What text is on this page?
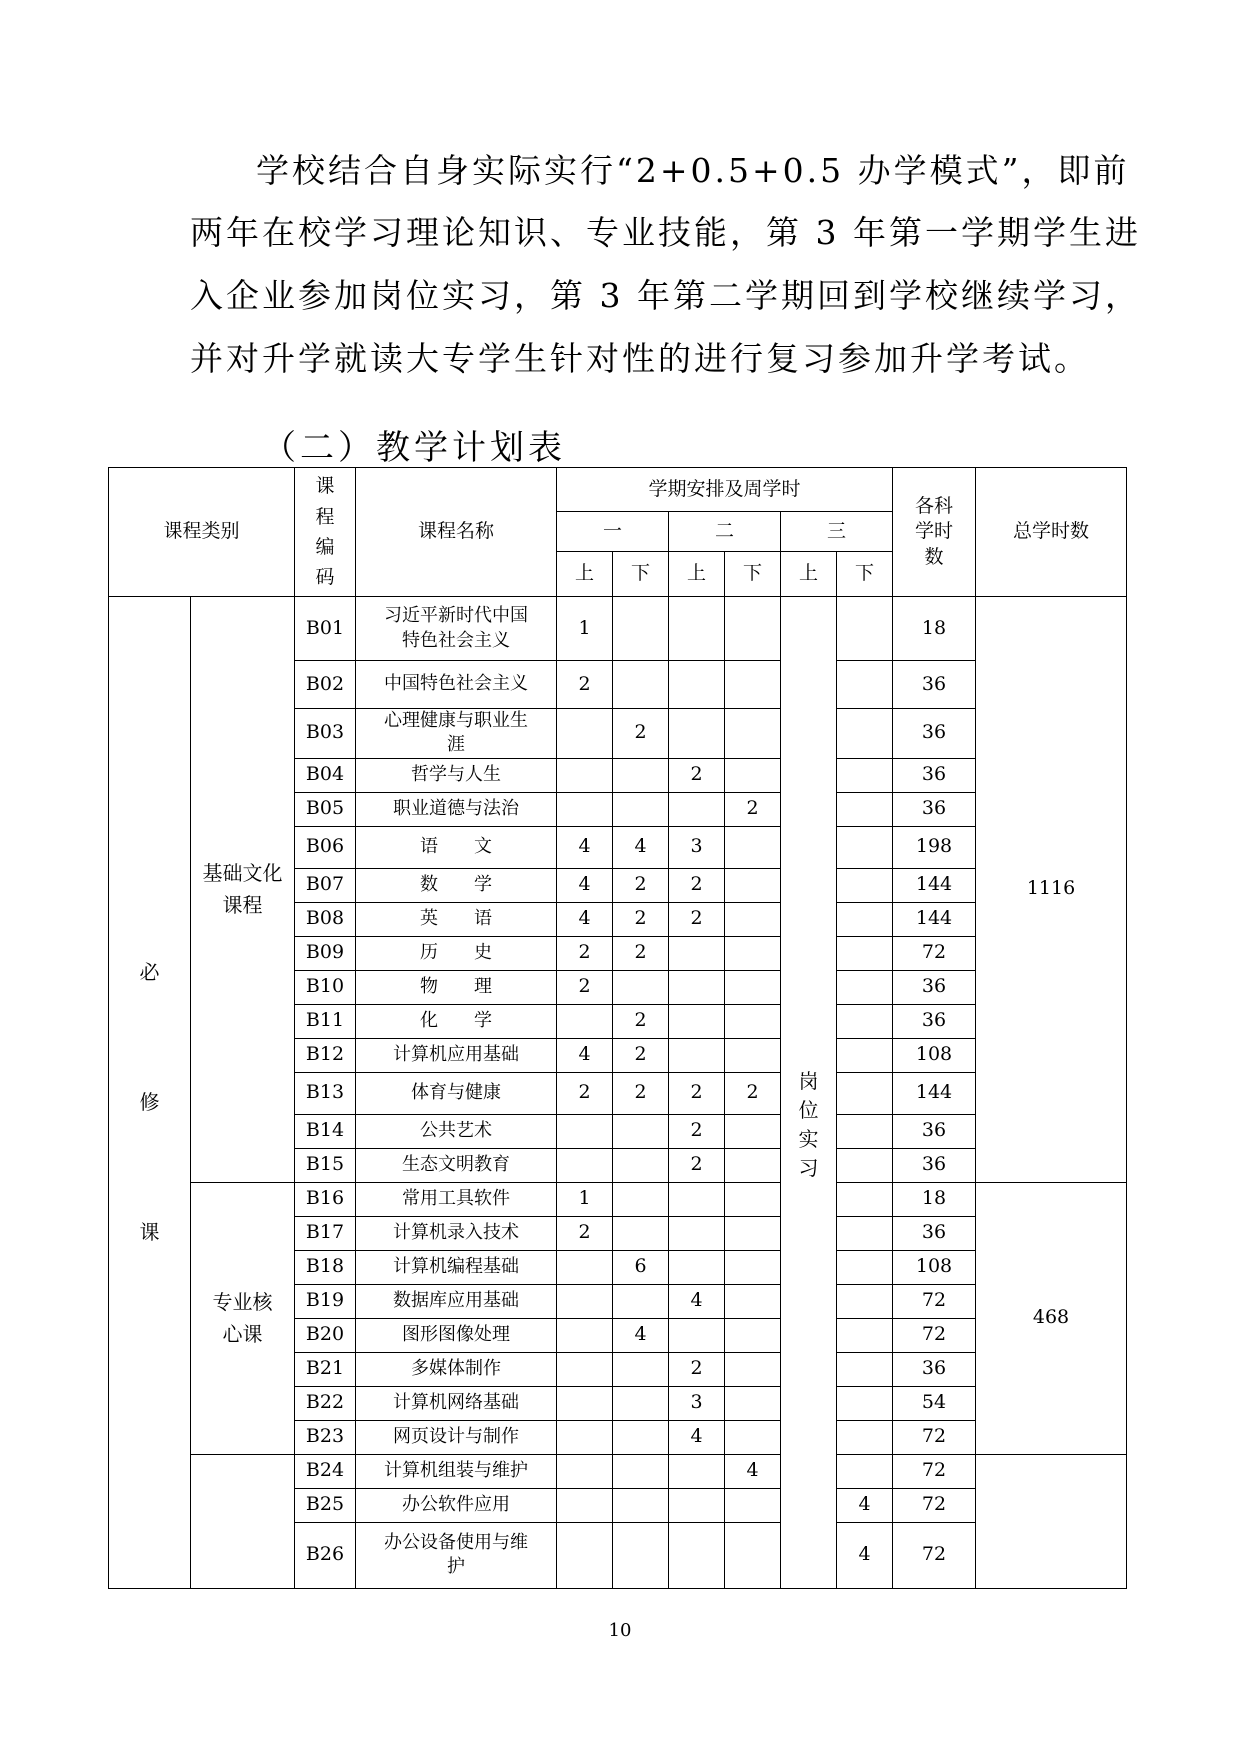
学校结合自身实际实行“2+0.5+0.5 办学模式”，即前
两年在校学习理论知识、专业技能，第 3 年第一学期学生进
入企业参加岗位实习，第 3 年第二学期回到学校继续学习，
并对升学就读大专学生针对性的进行复习参加升学考试。
（二）教学计划表
课程类别		课程编码	课程名称	学期安排及周学时						各科学时数	总学时数
				一		二		三			
				上	下	上	下	上	下		

必修课	基础文化课程	B01	习近平新时代中国特色社会主义	1				岗位实习		18	1116
		B02	中国特色社会主义	2						36	
		B03	心理健康与职业生涯		2					36	
		B04	哲学与人生			2				36	
		B05	职业道德与法治				2			36	
		B06	语　　文	4	4	3				198	
		B07	数　　学	4	2	2				144	
		B08	英　　语	4	2	2				144	
		B09	历　　史	2	2					72	
		B10	物　　理	2						36	
		B11	化　　学		2					36	
		B12	计算机应用基础	4	2					108	
		B13	体育与健康	2	2	2	2			144	
		B14	公共艺术			2				36	
		B15	生态文明教育			2				36	
	专业核心课	B16	常用工具软件	1						18	468
		B17	计算机录入技术	2						36	
		B18	计算机编程基础		6					108	
		B19	数据库应用基础			4				72	
		B20	图形图像处理		4					72	
		B21	多媒体制作			2				36	
		B22	计算机网络基础			3				54	
		B23	网页设计与制作			4				72	
		B24	计算机组装与维护				4			72	
		B25	办公软件应用						4	72	
		B26	办公设备使用与维护						4	72	
10
